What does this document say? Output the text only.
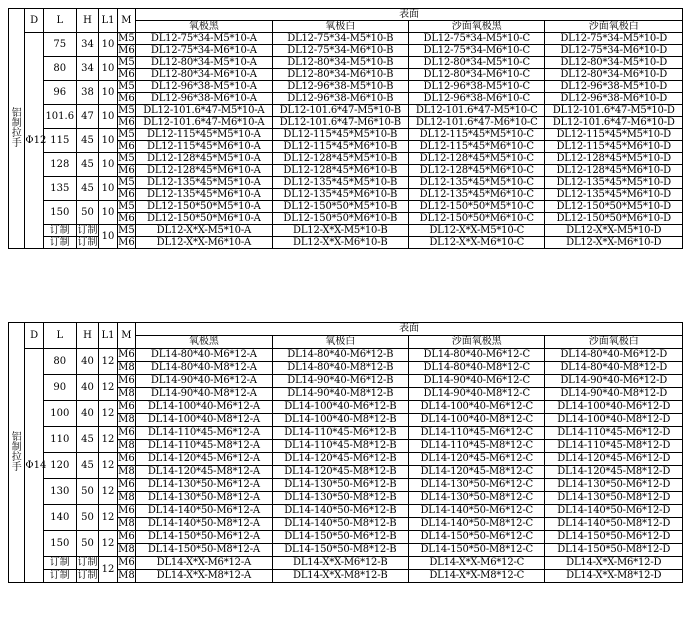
铝
制
拉
手	D	L	H	L1	M	表面			
						氧极黑	氧极白	沙面氧极黑	沙面氧极白
	Φ12	75	34	10	M5	DL12-75*34-M5*10-A	DL12-75*34-M5*10-B	DL12-75*34-M5*10-C	DL12-75*34-M5*10-D
					M6	DL12-75*34-M6*10-A	DL12-75*34-M6*10-B	DL12-75*34-M6*10-C	DL12-75*34-M6*10-D
		80	34	10	M5	DL12-80*34-M5*10-A	DL12-80*34-M5*10-B	DL12-80*34-M5*10-C	DL12-80*34-M5*10-D
					M6	DL12-80*34-M6*10-A	DL12-80*34-M6*10-B	DL12-80*34-M6*10-C	DL12-80*34-M6*10-D
		96	38	10	M5	DL12-96*38-M5*10-A	DL12-96*38-M5*10-B	DL12-96*38-M5*10-C	DL12-96*38-M5*10-D
					M6	DL12-96*38-M6*10-A	DL12-96*38-M6*10-B	DL12-96*38-M6*10-C	DL12-96*38-M6*10-D
		101.6	47	10	M5	DL12-101.6*47-M5*10-A	DL12-101.6*47-M5*10-B	DL12-101.6*47-M5*10-C	DL12-101.6*47-M5*10-D
					M6	DL12-101.6*47-M6*10-A	DL12-101.6*47-M6*10-B	DL12-101.6*47-M6*10-C	DL12-101.6*47-M6*10-D
		115	45	10	M5	DL12-115*45*M5*10-A	DL12-115*45*M5*10-B	DL12-115*45*M5*10-C	DL12-115*45*M5*10-D
					M6	DL12-115*45*M6*10-A	DL12-115*45*M6*10-B	DL12-115*45*M6*10-C	DL12-115*45*M6*10-D
		128	45	10	M5	DL12-128*45*M5*10-A	DL12-128*45*M5*10-B	DL12-128*45*M5*10-C	DL12-128*45*M5*10-D
					M6	DL12-128*45*M6*10-A	DL12-128*45*M6*10-B	DL12-128*45*M6*10-C	DL12-128*45*M6*10-D
		135	45	10	M5	DL12-135*45*M5*10-A	DL12-135*45*M5*10-B	DL12-135*45*M5*10-C	DL12-135*45*M5*10-D
					M6	DL12-135*45*M6*10-A	DL12-135*45*M6*10-B	DL12-135*45*M6*10-C	DL12-135*45*M6*10-D
		150	50	10	M5	DL12-150*50*M5*10-A	DL12-150*50*M5*10-B	DL12-150*50*M5*10-C	DL12-150*50*M5*10-D
					M6	DL12-150*50*M6*10-A	DL12-150*50*M6*10-B	DL12-150*50*M6*10-C	DL12-150*50*M6*10-D
		订制	订制	10	M5	DL12-X*X-M5*10-A	DL12-X*X-M5*10-B	DL12-X*X-M5*10-C	DL12-X*X-M5*10-D
		订制	订制		M6	DL12-X*X-M6*10-A	DL12-X*X-M6*10-B	DL12-X*X-M6*10-C	DL12-X*X-M6*10-D
铝
制
拉
手	D	L	H	L1	M	表面			
						氧极黑	氧极白	沙面氧极黑	沙面氧极白
	Φ14	80	40	12	M6	DL14-80*40-M6*12-A	DL14-80*40-M6*12-B	DL14-80*40-M6*12-C	DL14-80*40-M6*12-D
					M8	DL14-80*40-M8*12-A	DL14-80*40-M8*12-B	DL14-80*40-M8*12-C	DL14-80*40-M8*12-D
		90	40	12	M6	DL14-90*40-M6*12-A	DL14-90*40-M6*12-B	DL14-90*40-M6*12-C	DL14-90*40-M6*12-D
					M8	DL14-90*40-M8*12-A	DL14-90*40-M8*12-B	DL14-90*40-M8*12-C	DL14-90*40-M8*12-D
		100	40	12	M6	DL14-100*40-M6*12-A	DL14-100*40-M6*12-B	DL14-100*40-M6*12-C	DL14-100*40-M6*12-D
					M8	DL14-100*40-M8*12-A	DL14-100*40-M8*12-B	DL14-100*40-M8*12-C	DL14-100*40-M8*12-D
		110	45	12	M6	DL14-110*45-M6*12-A	DL14-110*45-M6*12-B	DL14-110*45-M6*12-C	DL14-110*45-M6*12-D
					M8	DL14-110*45-M8*12-A	DL14-110*45-M8*12-B	DL14-110*45-M8*12-C	DL14-110*45-M8*12-D
		120	45	12	M6	DL14-120*45-M6*12-A	DL14-120*45-M6*12-B	DL14-120*45-M6*12-C	DL14-120*45-M6*12-D
					M8	DL14-120*45-M8*12-A	DL14-120*45-M8*12-B	DL14-120*45-M8*12-C	DL14-120*45-M8*12-D
		130	50	12	M6	DL14-130*50-M6*12-A	DL14-130*50-M6*12-B	DL14-130*50-M6*12-C	DL14-130*50-M6*12-D
					M8	DL14-130*50-M8*12-A	DL14-130*50-M8*12-B	DL14-130*50-M8*12-C	DL14-130*50-M8*12-D
		140	50	12	M6	DL14-140*50-M6*12-A	DL14-140*50-M6*12-B	DL14-140*50-M6*12-C	DL14-140*50-M6*12-D
					M8	DL14-140*50-M8*12-A	DL14-140*50-M8*12-B	DL14-140*50-M8*12-C	DL14-140*50-M8*12-D
		150	50	12	M6	DL14-150*50-M6*12-A	DL14-150*50-M6*12-B	DL14-150*50-M6*12-C	DL14-150*50-M6*12-D
					M8	DL14-150*50-M8*12-A	DL14-150*50-M8*12-B	DL14-150*50-M8*12-C	DL14-150*50-M8*12-D
		订制	订制	12	M6	DL14-X*X-M6*12-A	DL14-X*X-M6*12-B	DL14-X*X-M6*12-C	DL14-X*X-M6*12-D
		订制	订制		M8	DL14-X*X-M8*12-A	DL14-X*X-M8*12-B	DL14-X*X-M8*12-C	DL14-X*X-M8*12-D
